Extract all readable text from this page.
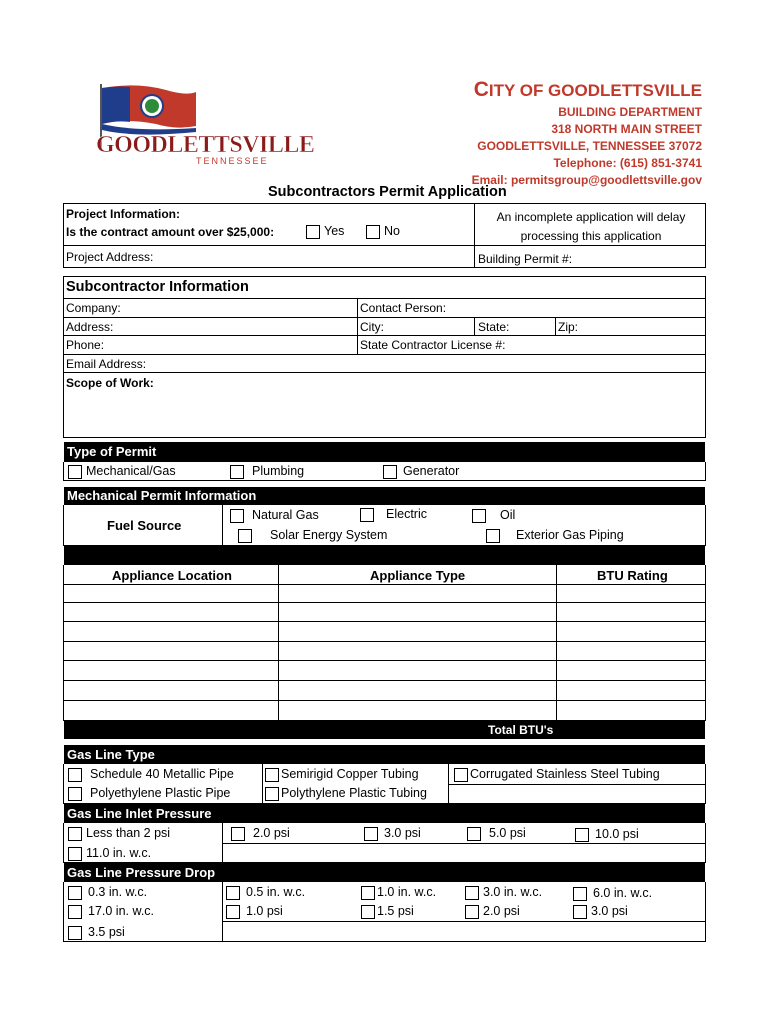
GOODLETTSVILLE
TENNESSEE
CITY OF GOODLETTSVILLE
BUILDING DEPARTMENT
318 NORTH MAIN STREET
GOODLETTSVILLE, TENNESSEE 37072
Telephone: (615) 851-3741
Email: permitsgroup@goodlettsville.gov
Subcontractors Permit Application
Project Information:
Is the contract amount over $25,000:	Yes	No
An incomplete application will delay processing this application
Project Address:	Building Permit #:
Subcontractor Information
Company:	Contact Person:
Address:	City:	State:	Zip:
Phone:	State Contractor License #:
Email Address:
Scope of Work:
Type of Permit
Mechanical/Gas	Plumbing	Generator
Mechanical Permit Information
Fuel Source
Natural Gas	Electric	Oil
Solar Energy System	Exterior Gas Piping
Appliance Location	Appliance Type	BTU Rating
Total BTU's
Gas Line Type
Schedule 40 Metallic Pipe	Semirigid Copper Tubing	Corrugated Stainless Steel Tubing
Polyethylene Plastic Pipe	Polythylene Plastic Tubing
Gas Line Inlet Pressure
Less than 2 psi	2.0 psi	3.0 psi	5.0 psi	10.0 psi
11.0 in. w.c.
Gas Line Pressure Drop
0.3 in. w.c.	0.5 in. w.c.	1.0 in. w.c.	3.0 in. w.c.	6.0 in. w.c.
17.0 in. w.c.	1.0 psi	1.5 psi	2.0 psi	3.0 psi
3.5 psi
